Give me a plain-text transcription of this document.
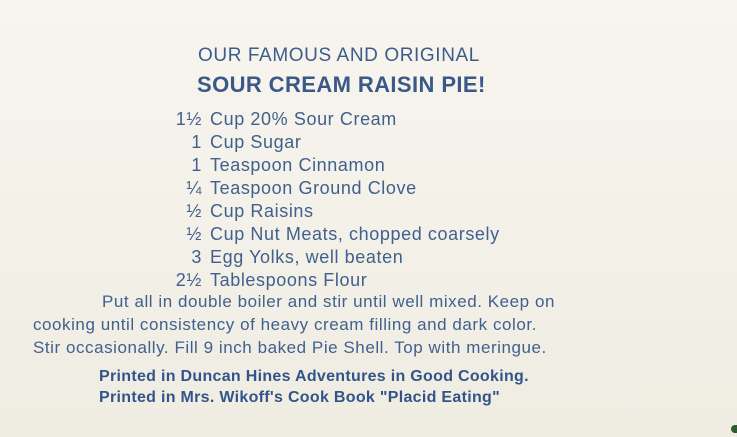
OUR FAMOUS AND ORIGINAL
SOUR CREAM RAISIN PIE!
1½ Cup 20% Sour Cream
1 Cup Sugar
1 Teaspoon Cinnamon
¼ Teaspoon Ground Clove
½ Cup Raisins
½ Cup Nut Meats, chopped coarsely
3 Egg Yolks, well beaten
2½ Tablespoons Flour
Put all in double boiler and stir until well mixed. Keep on
cooking until consistency of heavy cream filling and dark color.
Stir occasionally. Fill 9 inch baked Pie Shell. Top with meringue.
Printed in Duncan Hines Adventures in Good Cooking.
Printed in Mrs. Wikoff's Cook Book "Placid Eating"
